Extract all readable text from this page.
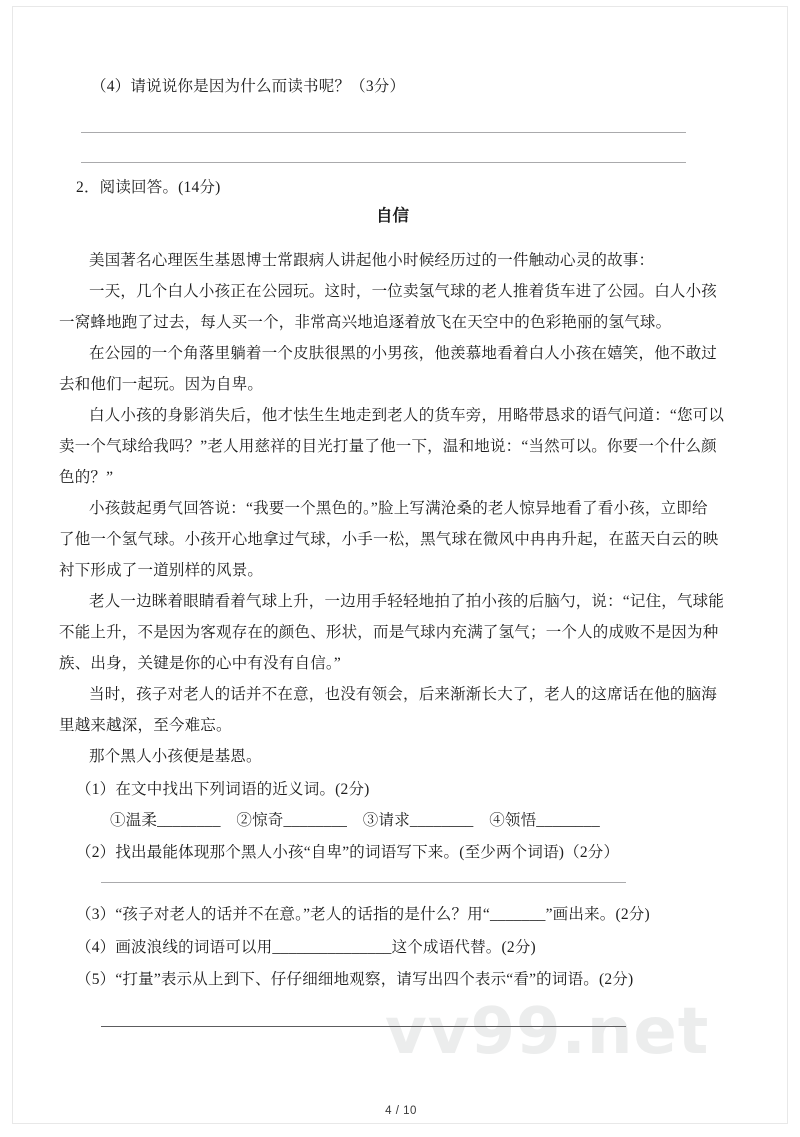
vv99.net
（4）请说说你是因为什么而读书呢？（3分）
2．阅读回答。(14分)
自信
美国著名心理医生基恩博士常跟病人讲起他小时候经历过的一件触动心灵的故事：
一天，几个白人小孩正在公园玩。这时，一位卖氢气球的老人推着货车进了公园。白人小孩
一窝蜂地跑了过去，每人买一个，非常高兴地追逐着放飞在天空中的色彩艳丽的氢气球。
在公园的一个角落里躺着一个皮肤很黑的小男孩，他羡慕地看着白人小孩在嬉笑，他不敢过
去和他们一起玩。因为自卑。
白人小孩的身影消失后，他才怯生生地走到老人的货车旁，用略带恳求的语气问道：“您可以
卖一个气球给我吗？”老人用慈祥的目光打量了他一下，温和地说：“当然可以。你要一个什么颜
色的？”
小孩鼓起勇气回答说：“我要一个黑色的。”脸上写满沧桑的老人惊异地看了看小孩，立即给
了他一个氢气球。小孩开心地拿过气球，小手一松，黑气球在微风中冉冉升起，在蓝天白云的映
衬下形成了一道别样的风景。
老人一边眯着眼睛看着气球上升，一边用手轻轻地拍了拍小孩的后脑勺，说：“记住，气球能
不能上升，不是因为客观存在的颜色、形状，而是气球内充满了氢气；一个人的成败不是因为种
族、出身，关键是你的心中有没有自信。”
当时，孩子对老人的话并不在意，也没有领会，后来渐渐长大了，老人的这席话在他的脑海
里越来越深，至今难忘。
那个黑人小孩便是基恩。
（1）在文中找出下列词语的近义词。(2分)
①温柔________　②惊奇________　③请求________　④领悟________
（2）找出最能体现那个黑人小孩“自卑”的词语写下来。(至少两个词语)（2分）
（3）“孩子对老人的话并不在意。”老人的话指的是什么？用“_______”画出来。(2分)
（4）画波浪线的词语可以用_______________这个成语代替。(2分)
（5）“打量”表示从上到下、仔仔细细地观察，请写出四个表示“看”的词语。(2分)
4 / 10
